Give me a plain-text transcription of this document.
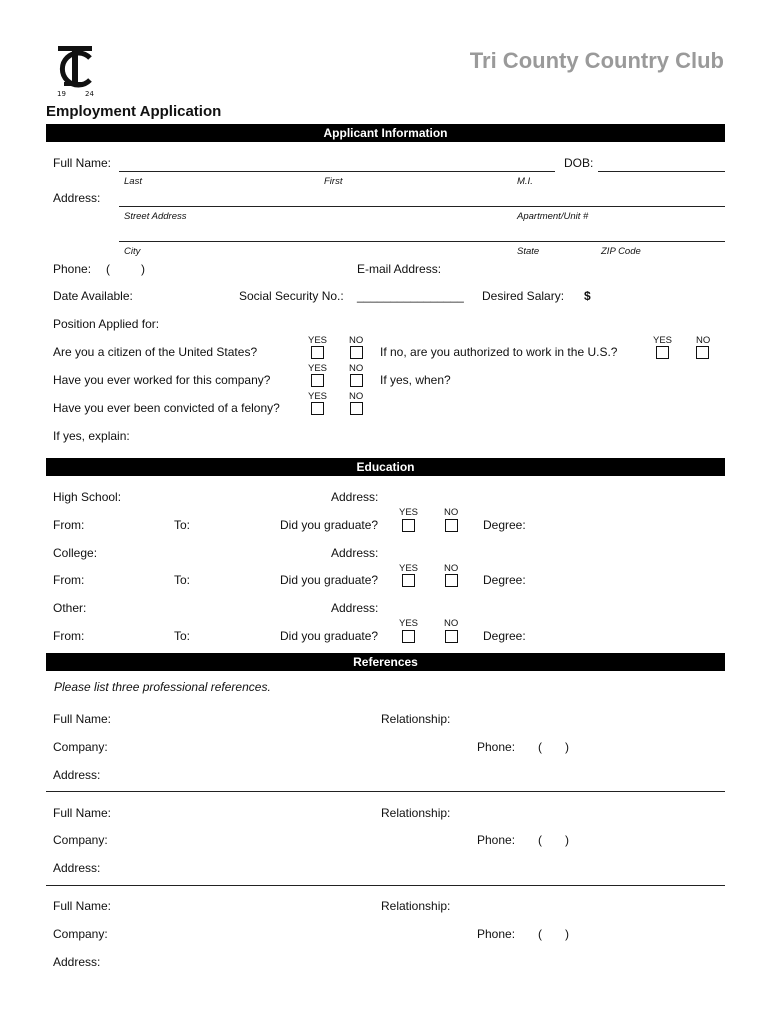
19	24
Tri County Country Club
Employment Application
Applicant Information
Full Name:	DOB:
Last	First	M.I.
Address:
Street Address	Apartment/Unit #
City	State	ZIP Code
Phone: (	)	E-mail Address:
Date Available:	Social Security No.: ________________ Desired Salary: $
Position Applied for:
YES NO
Are you a citizen of the United States?	If no, are you authorized to work in the U.S.?
YES	NO
YES NO
Have you ever worked for this company?	If yes, when?
YES NO
Have you ever been convicted of a felony?
If yes, explain:
Education
High School:	Address:
YES	NO
From:	To:	Did you graduate?	Degree:
College:	Address:
YES	NO
From:	To:	Did you graduate?	Degree:
Other:	Address:
YES	NO
From:	To:	Did you graduate?	Degree:
References
Please list three professional references.
Full Name:	Relationship:
Company:	Phone: ( )
Address:
Full Name:	Relationship:
Company:	Phone: ( )
Address:
Full Name:	Relationship:
Company:	Phone: ( )
Address:
